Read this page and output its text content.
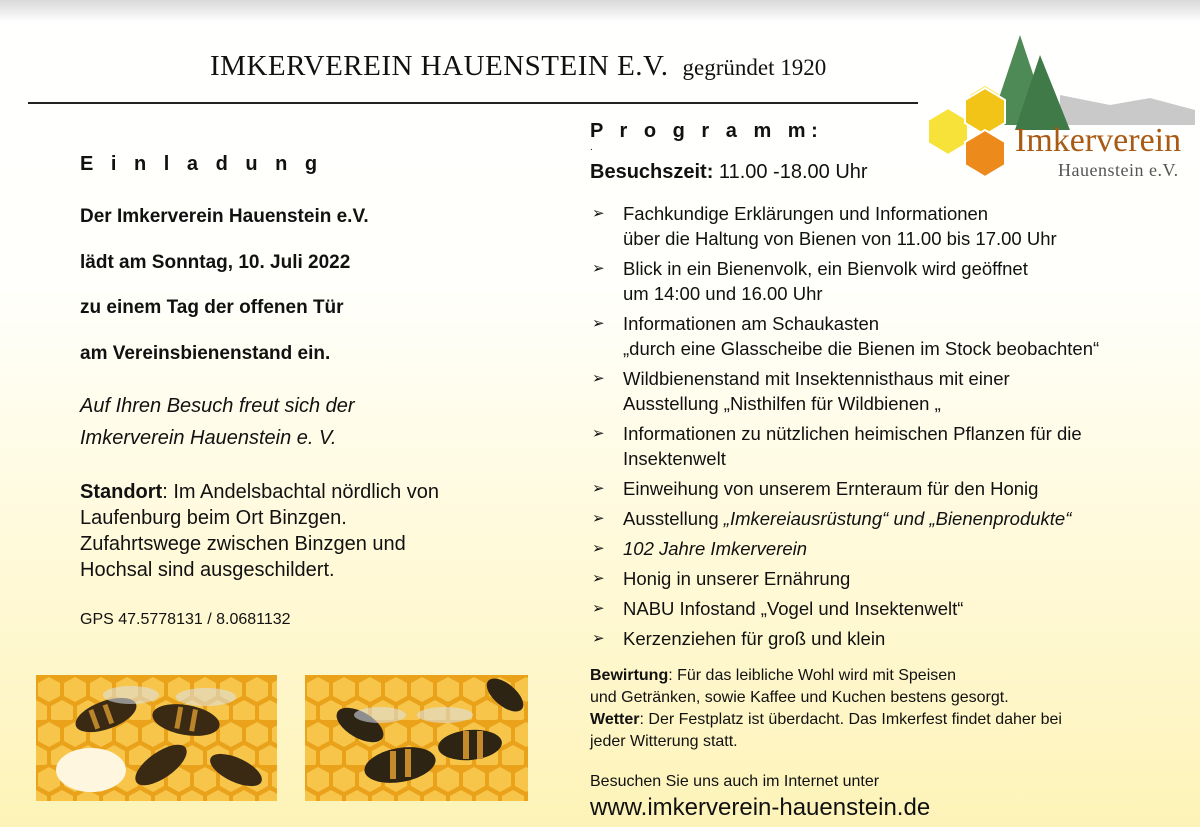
IMKERVEREIN HAUENSTEIN E.V. gegründet 1920
Imkerverein
Hauenstein e.V.
E i n l a d u n g
Der Imkerverein Hauenstein e.V.
lädt am Sonntag, 10. Juli 2022
zu einem Tag der offenen Tür
am Vereinsbienenstand ein.
Auf Ihren Besuch freut sich der
Imkerverein Hauenstein e. V.
Standort: Im Andelsbachtal nördlich von
Laufenburg beim Ort Binzgen.
Zufahrtswege zwischen Binzgen und
Hochsal sind ausgeschildert.
GPS 47.5778131 / 8.0681132
P r o g r a m m:
.
Besuchszeit: 11.00 -18.00 Uhr
➢ Fachkundige Erklärungen und Informationen
über die Haltung von Bienen von 11.00 bis 17.00 Uhr
➢ Blick in ein Bienenvolk, ein Bienvolk wird geöffnet
um 14:00 und 16.00 Uhr
➢ Informationen am Schaukasten
„durch eine Glasscheibe die Bienen im Stock beobachten“
➢ Wildbienenstand mit Insektennisthaus mit einer
Ausstellung „Nisthilfen für Wildbienen „
➢ Informationen zu nützlichen heimischen Pflanzen für die
Insektenwelt
➢ Einweihung von unserem Ernteraum für den Honig
➢ Ausstellung „Imkereiausrüstung“ und „Bienenprodukte“
➢ 102 Jahre Imkerverein
➢ Honig in unserer Ernährung
➢ NABU Infostand „Vogel und Insektenwelt“
➢ Kerzenziehen für groß und klein
Bewirtung: Für das leibliche Wohl wird mit Speisen
und Getränken, sowie Kaffee und Kuchen bestens gesorgt.
Wetter: Der Festplatz ist überdacht. Das Imkerfest findet daher bei
jeder Witterung statt.
Besuchen Sie uns auch im Internet unter
www.imkerverein-hauenstein.de
